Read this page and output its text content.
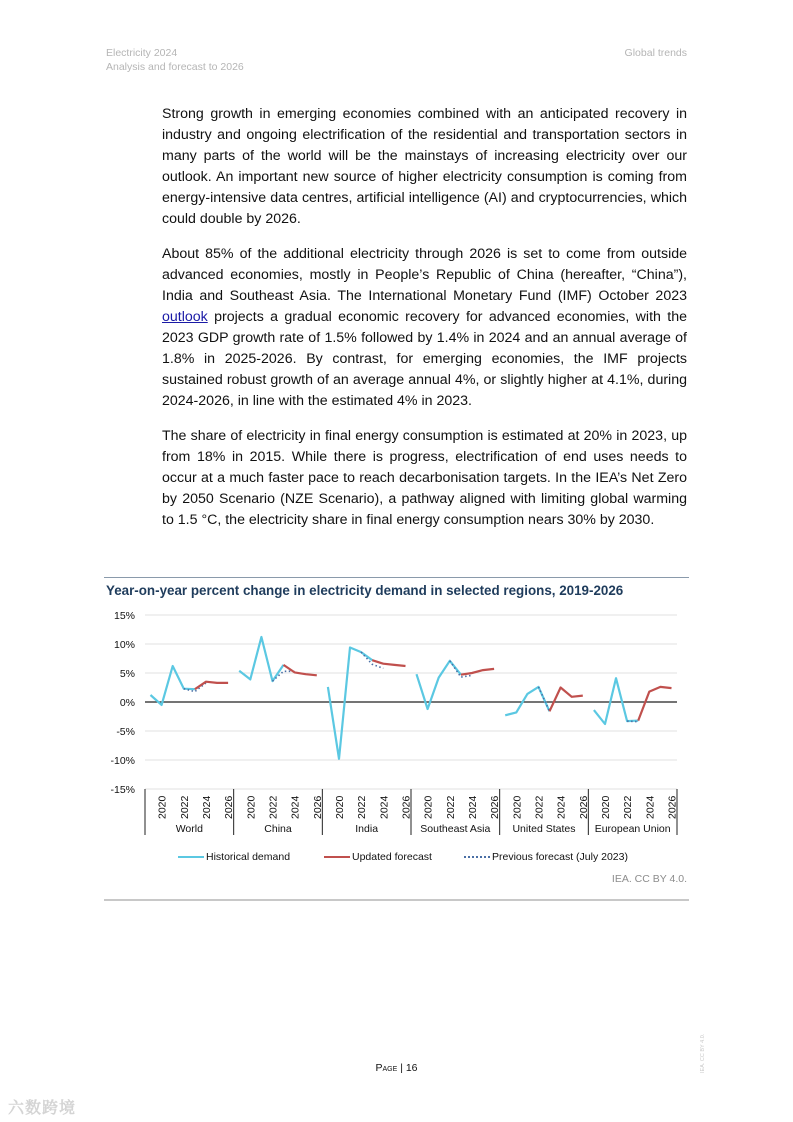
Electricity 2024
Analysis and forecast to 2026
Global trends

Strong growth in emerging economies combined with an anticipated recovery in industry and ongoing electrification of the residential and transportation sectors in many parts of the world will be the mainstays of increasing electricity over our outlook. An important new source of higher electricity consumption is coming from energy-intensive data centres, artificial intelligence (AI) and cryptocurrencies, which could double by 2026.

About 85% of the additional electricity through 2026 is set to come from outside advanced economies, mostly in People’s Republic of China (hereafter, “China”), India and Southeast Asia. The International Monetary Fund (IMF) October 2023 outlook projects a gradual economic recovery for advanced economies, with the 2023 GDP growth rate of 1.5% followed by 1.4% in 2024 and an annual average of 1.8% in 2025-2026. By contrast, for emerging economies, the IMF projects sustained robust growth of an average annual 4%, or slightly higher at 4.1%, during 2024-2026, in line with the estimated 4% in 2023.

The share of electricity in final energy consumption is estimated at 20% in 2023, up from 18% in 2015. While there is progress, electrification of end uses needs to occur at a much faster pace to reach decarbonisation targets. In the IEA’s Net Zero by 2050 Scenario (NZE Scenario), a pathway aligned with limiting global warming to 1.5 °C, the electricity share in final energy consumption nears 30% by 2030.

Year-on-year percent change in electricity demand in selected regions, 2019-2026
15%
10%
5%
0%
-5%
-10%
-15%
2020 2022 2024 2026
World
2020 2022 2024 2026
China
2020 2022 2024 2026
India
2020 2022 2024 2026
Southeast Asia
2020 2022 2024 2026
United States
2020 2022 2024 2026
European Union
Historical demand	Updated forecast	Previous forecast (July 2023)
IEA. CC BY 4.0.
Page | 16	IEA. CC BY 4.0.
六数跨境
